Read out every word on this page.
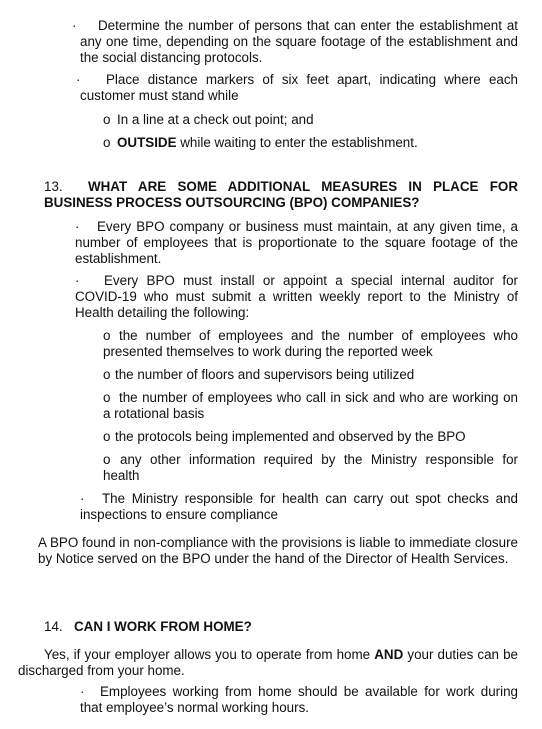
· Determine the number of persons that can enter the establishment at any one time, depending on the square footage of the establishment and the social distancing protocols.
· Place distance markers of six feet apart, indicating where each customer must stand while
o In a line at a check out point; and
o OUTSIDE while waiting to enter the establishment.
13. WHAT ARE SOME ADDITIONAL MEASURES IN PLACE FOR BUSINESS PROCESS OUTSOURCING (BPO) COMPANIES?
· Every BPO company or business must maintain, at any given time, a number of employees that is proportionate to the square footage of the establishment.
· Every BPO must install or appoint a special internal auditor for COVID-19 who must submit a written weekly report to the Ministry of Health detailing the following:
o the number of employees and the number of employees who presented themselves to work during the reported week
o the number of floors and supervisors being utilized
o the number of employees who call in sick and who are working on a rotational basis
o the protocols being implemented and observed by the BPO
o any other information required by the Ministry responsible for health
· The Ministry responsible for health can carry out spot checks and inspections to ensure compliance
A BPO found in non-compliance with the provisions is liable to immediate closure by Notice served on the BPO under the hand of the Director of Health Services.
14. CAN I WORK FROM HOME?
Yes, if your employer allows you to operate from home AND your duties can be discharged from your home.
· Employees working from home should be available for work during that employee’s normal working hours.
